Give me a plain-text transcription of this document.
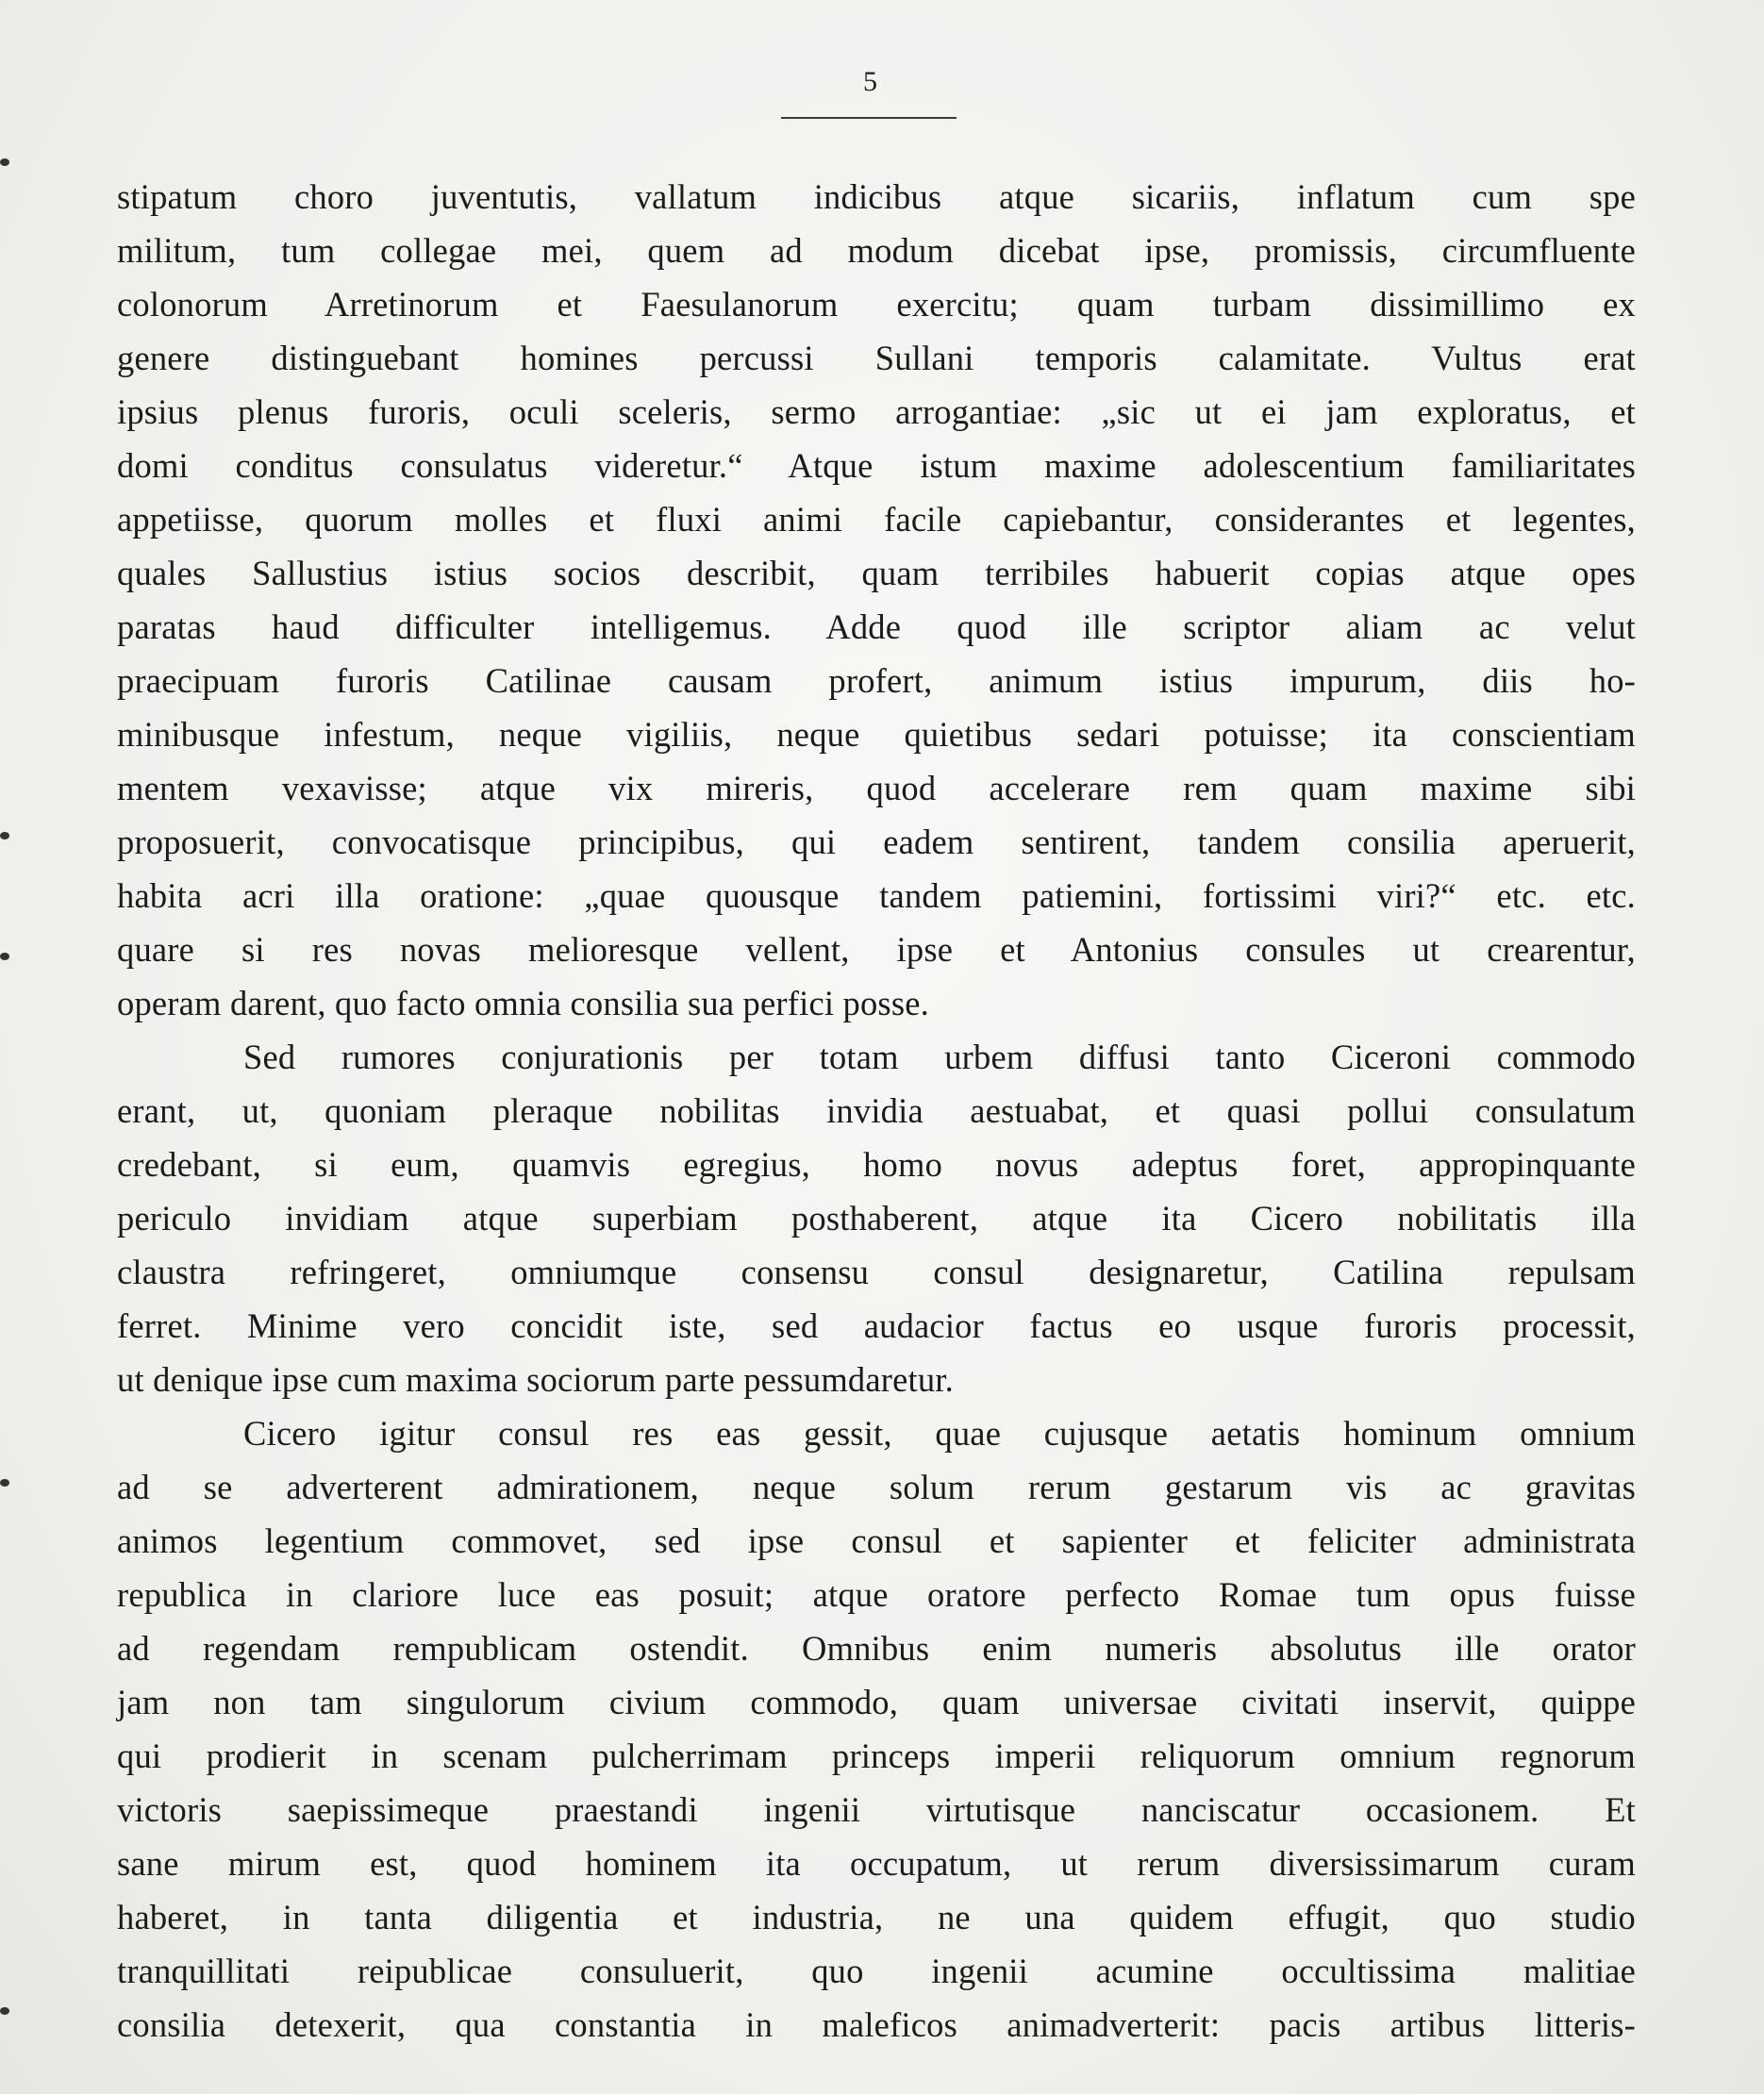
5
stipatum choro juventutis, vallatum indicibus atque sicariis, inflatum cum spe
militum, tum collegae mei, quem ad modum dicebat ipse, promissis, circumfluente
colonorum Arretinorum et Faesulanorum exercitu; quam turbam dissimillimo ex
genere distinguebant homines percussi Sullani temporis calamitate. Vultus erat
ipsius plenus furoris, oculi sceleris, sermo arrogantiae: „sic ut ei jam exploratus, et
domi conditus consulatus videretur.“ Atque istum maxime adolescentium familiaritates
appetiisse, quorum molles et fluxi animi facile capiebantur, considerantes et legentes,
quales Sallustius istius socios describit, quam terribiles habuerit copias atque opes
paratas haud difficulter intelligemus. Adde quod ille scriptor aliam ac velut
praecipuam furoris Catilinae causam profert, animum istius impurum, diis ho-
minibusque infestum, neque vigiliis, neque quietibus sedari potuisse; ita conscientiam
mentem vexavisse; atque vix mireris, quod accelerare rem quam maxime sibi
proposuerit, convocatisque principibus, qui eadem sentirent, tandem consilia aperuerit,
habita acri illa oratione: „quae quousque tandem patiemini, fortissimi viri?“ etc. etc.
quare si res novas melioresque vellent, ipse et Antonius consules ut crearentur,
operam darent, quo facto omnia consilia sua perfici posse.
Sed rumores conjurationis per totam urbem diffusi tanto Ciceroni commodo
erant, ut, quoniam pleraque nobilitas invidia aestuabat, et quasi pollui consulatum
credebant, si eum, quamvis egregius, homo novus adeptus foret, appropinquante
periculo invidiam atque superbiam posthaberent, atque ita Cicero nobilitatis illa
claustra refringeret, omniumque consensu consul designaretur, Catilina repulsam
ferret. Minime vero concidit iste, sed audacior factus eo usque furoris processit,
ut denique ipse cum maxima sociorum parte pessumdaretur.
Cicero igitur consul res eas gessit, quae cujusque aetatis hominum omnium
ad se adverterent admirationem, neque solum rerum gestarum vis ac gravitas
animos legentium commovet, sed ipse consul et sapienter et feliciter administrata
republica in clariore luce eas posuit; atque oratore perfecto Romae tum opus fuisse
ad regendam rempublicam ostendit. Omnibus enim numeris absolutus ille orator
jam non tam singulorum civium commodo, quam universae civitati inservit, quippe
qui prodierit in scenam pulcherrimam princeps imperii reliquorum omnium regnorum
victoris saepissimeque praestandi ingenii virtutisque nanciscatur occasionem. Et
sane mirum est, quod hominem ita occupatum, ut rerum diversissimarum curam
haberet, in tanta diligentia et industria, ne una quidem effugit, quo studio
tranquillitati reipublicae consuluerit, quo ingenii acumine occultissima malitiae
consilia detexerit, qua constantia in maleficos animadverterit: pacis artibus litteris-
